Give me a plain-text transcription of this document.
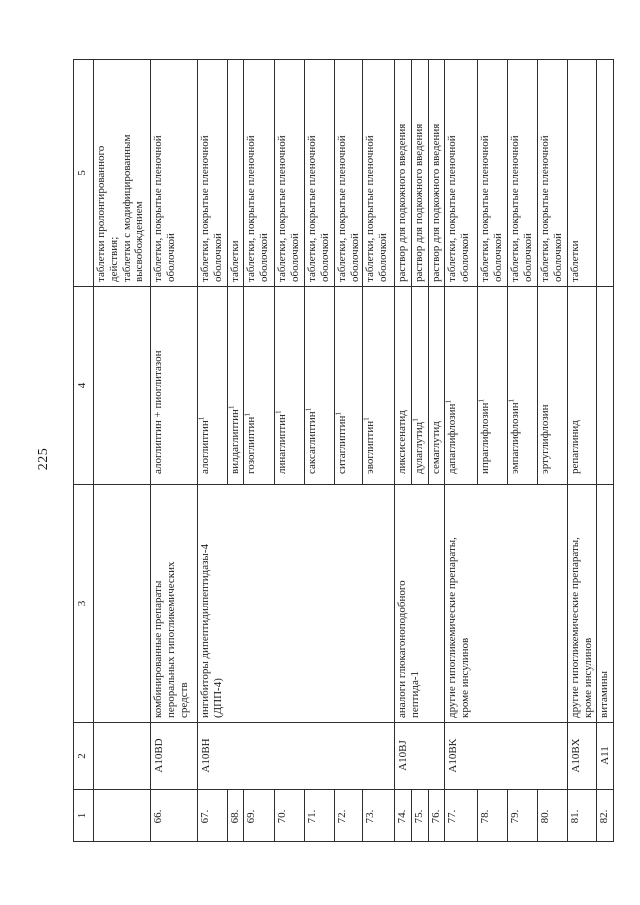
225
1	2	3	4	5
				таблетки пролонгированного
действия;
таблетки с модифицированным
высвобождением
66.	A10BD	комбинированные препараты
пероральных гипогликемических
средств	алоглиптин + пиоглитазон	таблетки, покрытые пленочной
оболочкой
67.	A10BH	ингибиторы дипептидилпептидазы-4
(ДПП-4)	алоглиптин$^1$	таблетки, покрытые пленочной
оболочкой
68.			вилдаглиптин$^1$	таблетки
69.			гозоглиптин$^1$	таблетки, покрытые пленочной
оболочкой
70.			линаглиптин$^1$	таблетки, покрытые пленочной
оболочкой
71.			саксаглиптин$^1$	таблетки, покрытые пленочной
оболочкой
72.			ситаглиптин$^1$	таблетки, покрытые пленочной
оболочкой
73.			эвоглиптин$^1$	таблетки, покрытые пленочной
оболочкой
74.	A10BJ	аналоги глюкагоноподобного
пептида-1	ликсисенатид	раствор для подкожного введения
75.			дулаглутид$^1$	раствор для подкожного введения
76.			семаглутид	раствор для подкожного введения
77.	A10BK	другие гипогликемические препараты,
кроме инсулинов	дапаглифлозин$^1$	таблетки, покрытые пленочной
оболочкой
78.			ипраглифлозин$^1$	таблетки, покрытые пленочной
оболочкой
79.			эмпаглифлозин$^1$	таблетки, покрытые пленочной
оболочкой
80.			эртуглифлозин	таблетки, покрытые пленочной
оболочкой
81.	A10BX	другие гипогликемические препараты,
кроме инсулинов	репаглинид	таблетки
82.	A11	витамины		
